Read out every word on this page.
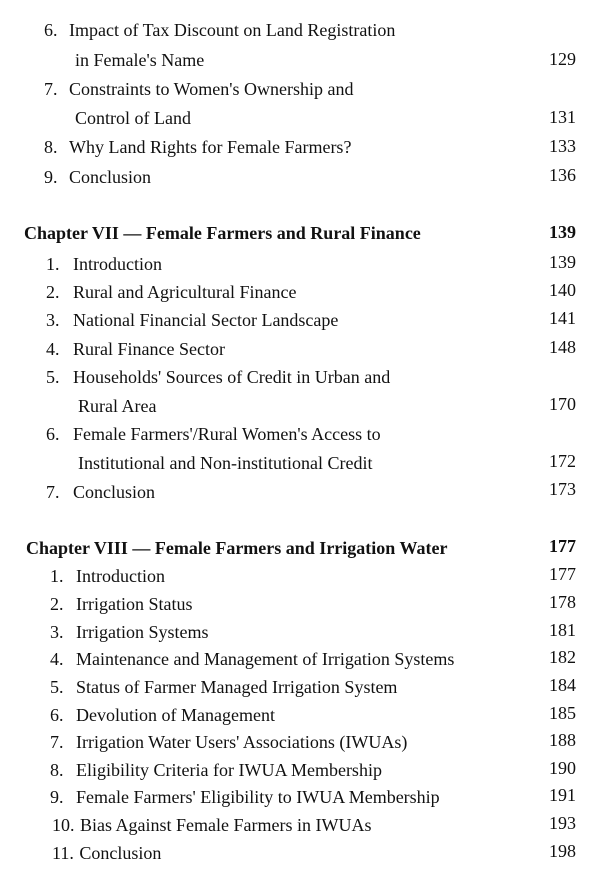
6. Impact of Tax Discount on Land Registration
in Female's Name	129
7. Constraints to Women's Ownership and
Control of Land	131
8. Why Land Rights for Female Farmers?	133
9. Conclusion	136
Chapter VII — Female Farmers and Rural Finance	139
1. Introduction	139
2. Rural and Agricultural Finance	140
3. National Financial Sector Landscape	141
4. Rural Finance Sector	148
5. Households' Sources of Credit in Urban and
Rural Area	170
6. Female Farmers'/Rural Women's Access to
Institutional and Non-institutional Credit	172
7. Conclusion	173
Chapter VIII — Female Farmers and Irrigation Water	177
1. Introduction	177
2. Irrigation Status	178
3. Irrigation Systems	181
4. Maintenance and Management of Irrigation Systems	182
5. Status of Farmer Managed Irrigation System	184
6. Devolution of Management	185
7. Irrigation Water Users' Associations (IWUAs)	188
8. Eligibility Criteria for IWUA Membership	190
9. Female Farmers' Eligibility to IWUA Membership	191
10. Bias Against Female Farmers in IWUAs	193
11. Conclusion	198
